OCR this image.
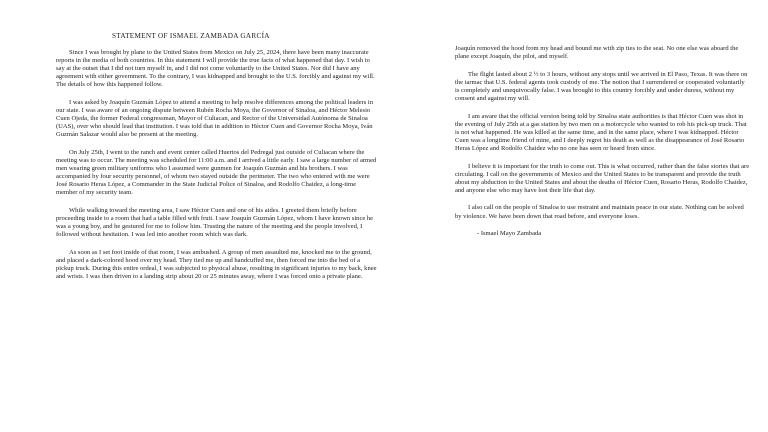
STATEMENT OF ISMAEL ZAMBADA GARCÍA

Since I was brought by plane to the United States from Mexico on July 25, 2024, there have been many inaccurate reports in the media of both countries. In this statement I will provide the true facts of what happened that day. I wish to say at the outset that I did not turn myself in, and I did not come voluntarily to the United States. Nor did I have any agreement with either government. To the contrary, I was kidnapped and brought to the U.S. forcibly and against my will. The details of how this happened follow.

I was asked by Joaquín Guzmán López to attend a meeting to help resolve differences among the political leaders in our state. I was aware of an ongoing dispute between Rubén Rocha Moya, the Governor of Sinaloa, and Héctor Melesio Cuen Ojeda, the former Federal congressman, Mayor of Culiacan, and Rector of the Universidad Autónoma de Sinaloa (UAS), over who should lead that institution. I was told that in addition to Héctor Cuen and Governor Rocha Moya, Iván Guzmán Salazar would also be present at the meeting.

On July 25th, I went to the ranch and event center called Huertos del Pedregal just outside of Culiacan where the meeting was to occur. The meeting was scheduled for 11:00 a.m. and I arrived a little early. I saw a large number of armed men wearing green military uniforms who I assumed were gunmen for Joaquín Guzmán and his brothers. I was accompanied by four security personnel, of whom two stayed outside the perimeter. The two who entered with me were José Rosario Heras López, a Commander in the State Judicial Police of Sinaloa, and Rodolfo Chaidez, a long-time member of my security team.

While walking toward the meeting area, I saw Héctor Cuen and one of his aides. I greeted them briefly before proceeding inside to a room that had a table filled with fruit. I saw Joaquín Guzmán López, whom I have known since he was a young boy, and he gestured for me to follow him. Trusting the nature of the meeting and the people involved, I followed without hesitation. I was led into another room which was dark.

As soon as I set foot inside of that room, I was ambushed. A group of men assaulted me, knocked me to the ground, and placed a dark-colored hood over my head. They tied me up and handcuffed me, then forced me into the bed of a pickup truck. During this entire ordeal, I was subjected to physical abuse, resulting in significant injuries to my back, knee and wrists. I was then driven to a landing strip about 20 or 25 minutes away, where I was forced onto a private plane.

Joaquín removed the hood from my head and bound me with zip ties to the seat. No one else was aboard the plane except Joaquín, the pilot, and myself.

The flight lasted about 2 ½ to 3 hours, without any stops until we arrived in El Paso, Texas. It was there on the tarmac that U.S. federal agents took custody of me. The notion that I surrendered or cooperated voluntarily is completely and unequivocally false. I was brought to this country forcibly and under duress, without my consent and against my will.

I am aware that the official version being told by Sinaloa state authorities is that Héctor Cuen was shot in the evening of July 25th at a gas station by two men on a motorcycle who wanted to rob his pick-up truck. That is not what happened. He was killed at the same time, and in the same place, where I was kidnapped. Héctor Cuen was a longtime friend of mine, and I deeply regret his death as well as the disappearance of José Rosario Heras López and Rodolfo Chaidez who no one has seen or heard from since.

I believe it is important for the truth to come out. This is what occurred, rather than the false stories that are circulating. I call on the governments of Mexico and the United States to be transparent and provide the truth about my abduction to the United States and about the deaths of Héctor Cuen, Rosario Heras, Rodolfo Chaidez, and anyone else who may have lost their life that day.

I also call on the people of Sinaloa to use restraint and maintain peace in our state. Nothing can be solved by violence. We have been down that road before, and everyone loses.

- Ismael Mayo Zambada
